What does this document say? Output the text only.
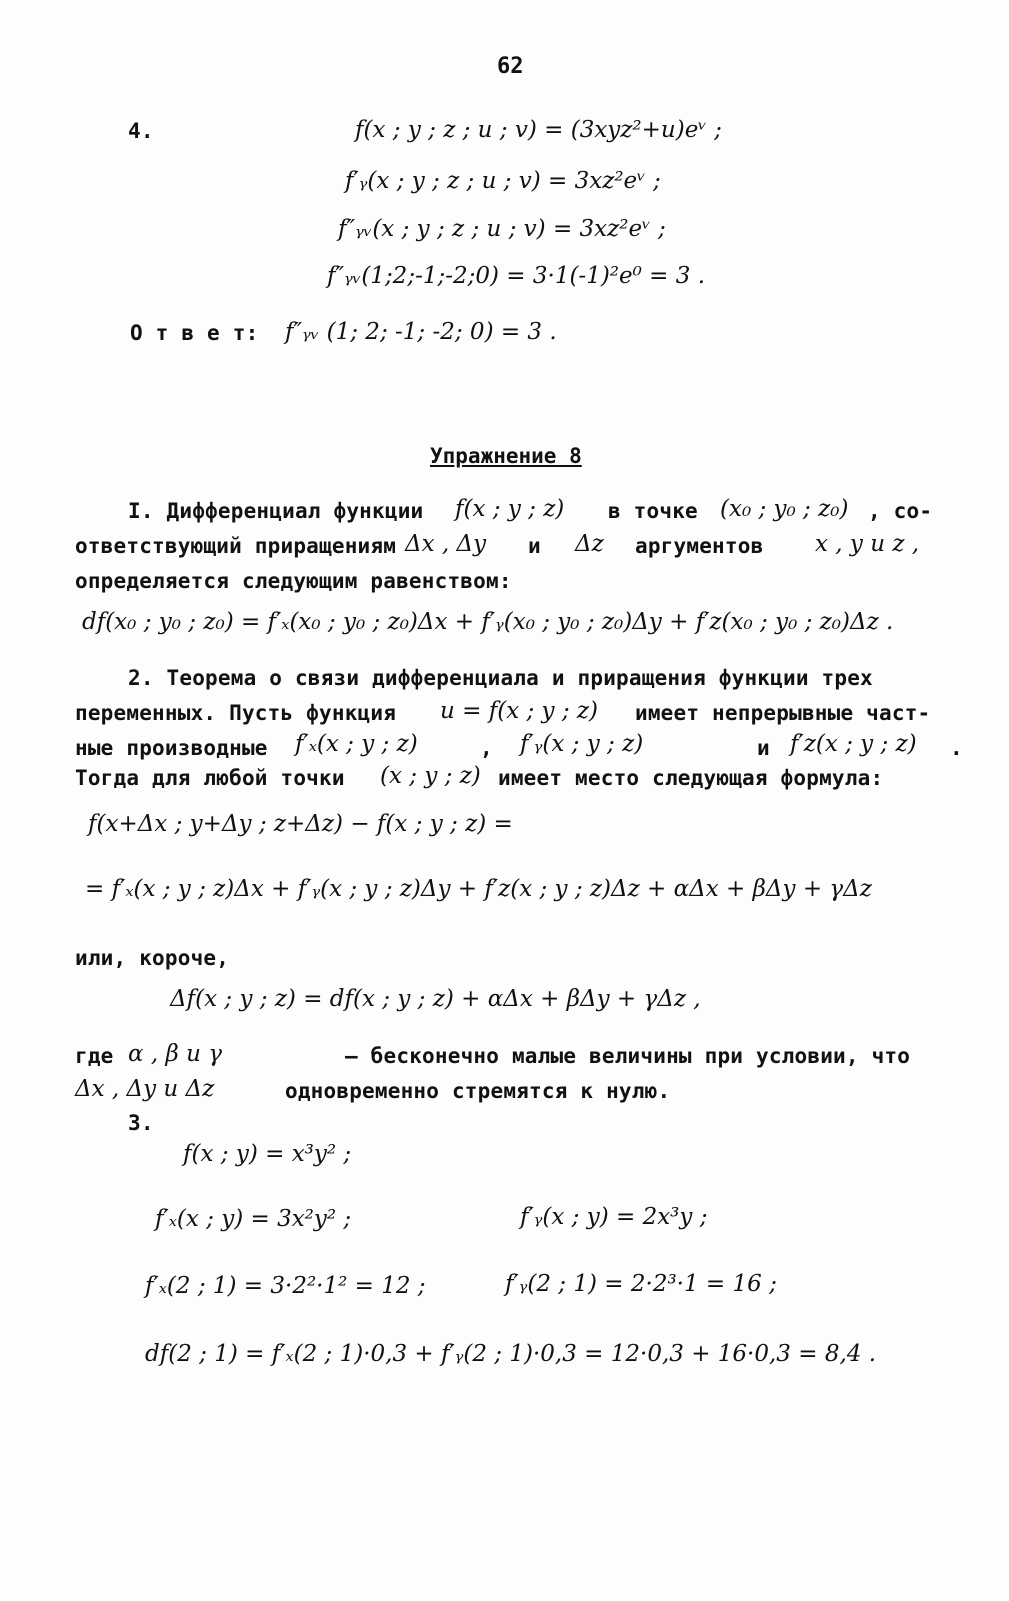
62
4.	f(x ; y ; z ; u ; v) = (3xyz²+u)eᵛ ;
f′ᵧ(x ; y ; z ; u ; v) = 3xz²eᵛ ;
f″ᵧᵥ(x ; y ; z ; u ; v) = 3xz²eᵛ ;
f″ᵧᵥ(1;2;-1;-2;0) = 3·1(-1)²e⁰ = 3 .
О т в е т: f″ᵧᵥ (1; 2; -1; -2; 0) = 3 .
Упражнение 8
I. Дифференциал функции f(x ; y ; z) в точке (x₀ ; y₀ ; z₀) , со-
ответствующий приращениям Δx , Δy и Δz аргументов x , y и z ,
определяется следующим равенством:
df(x₀ ; y₀ ; z₀) = f′ₓ(x₀ ; y₀ ; z₀)Δx + f′ᵧ(x₀ ; y₀ ; z₀)Δy + f′z(x₀ ; y₀ ; z₀)Δz .
2. Теорема о связи дифференциала и приращения функции трех
переменных. Пусть функция u = f(x ; y ; z) имеет непрерывные част-
ные производные f′ₓ(x ; y ; z)	, f′ᵧ(x ; y ; z)	и f′z(x ; y ; z) .
Тогда для любой точки (x ; y ; z) имеет место следующая формула:
f(x+Δx ; y+Δy ; z+Δz) − f(x ; y ; z) =
= f′ₓ(x ; y ; z)Δx + f′ᵧ(x ; y ; z)Δy + f′z(x ; y ; z)Δz + αΔx + βΔy + γΔz
или, короче,
Δf(x ; y ; z) = df(x ; y ; z) + αΔx + βΔy + γΔz ,
где α , β и γ	– бесконечно малые величины при условии, что
Δx , Δy и Δz	одновременно стремятся к нулю.
3.
f(x ; y) = x³y² ;
f′ₓ(x ; y) = 3x²y² ;	f′ᵧ(x ; y) = 2x³y ;
f′ₓ(2 ; 1) = 3·2²·1² = 12 ;	f′ᵧ(2 ; 1) = 2·2³·1 = 16 ;
df(2 ; 1) = f′ₓ(2 ; 1)·0,3 + f′ᵧ(2 ; 1)·0,3 = 12·0,3 + 16·0,3 = 8,4 .
